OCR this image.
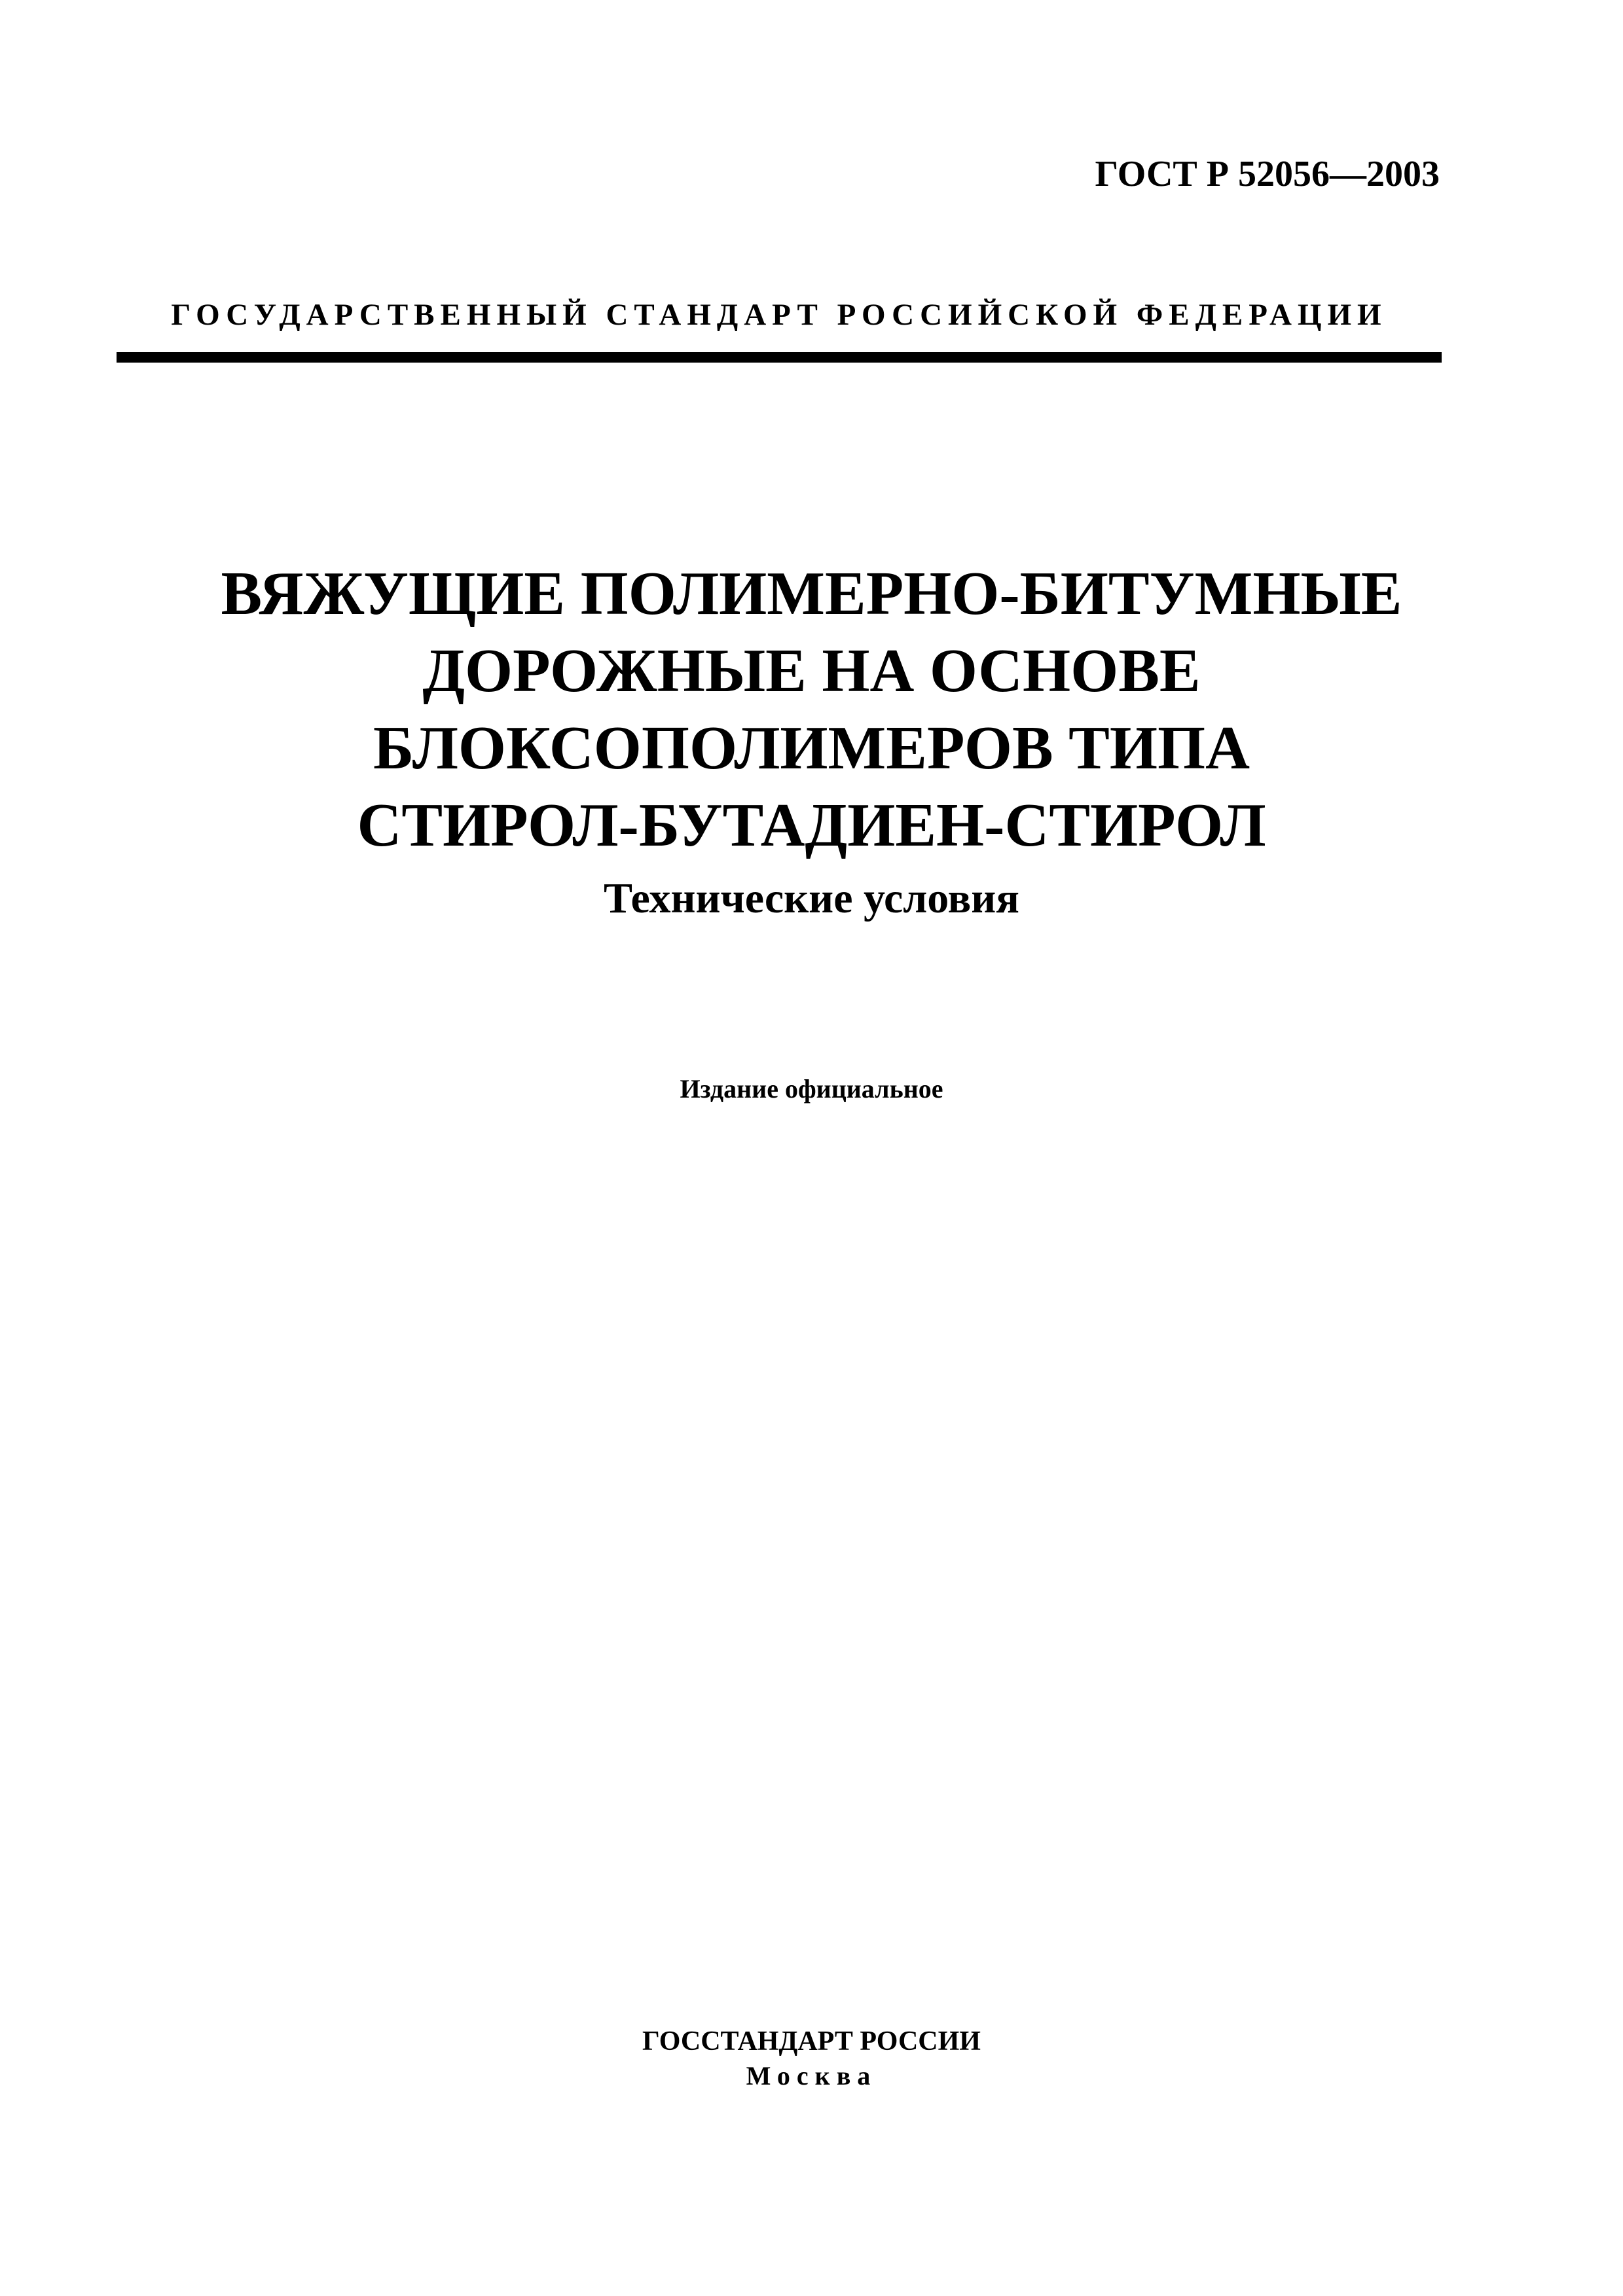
ГОСТ Р 52056—2003
ГОСУДАРСТВЕННЫЙ СТАНДАРТ РОССИЙСКОЙ ФЕДЕРАЦИИ
ВЯЖУЩИЕ ПОЛИМЕРНО-БИТУМНЫЕ
ДОРОЖНЫЕ НА ОСНОВЕ
БЛОКСОПОЛИМЕРОВ ТИПА
СТИРОЛ-БУТАДИЕН-СТИРОЛ
Технические условия
Издание официальное
ГОССТАНДАРТ РОССИИ
Москва
